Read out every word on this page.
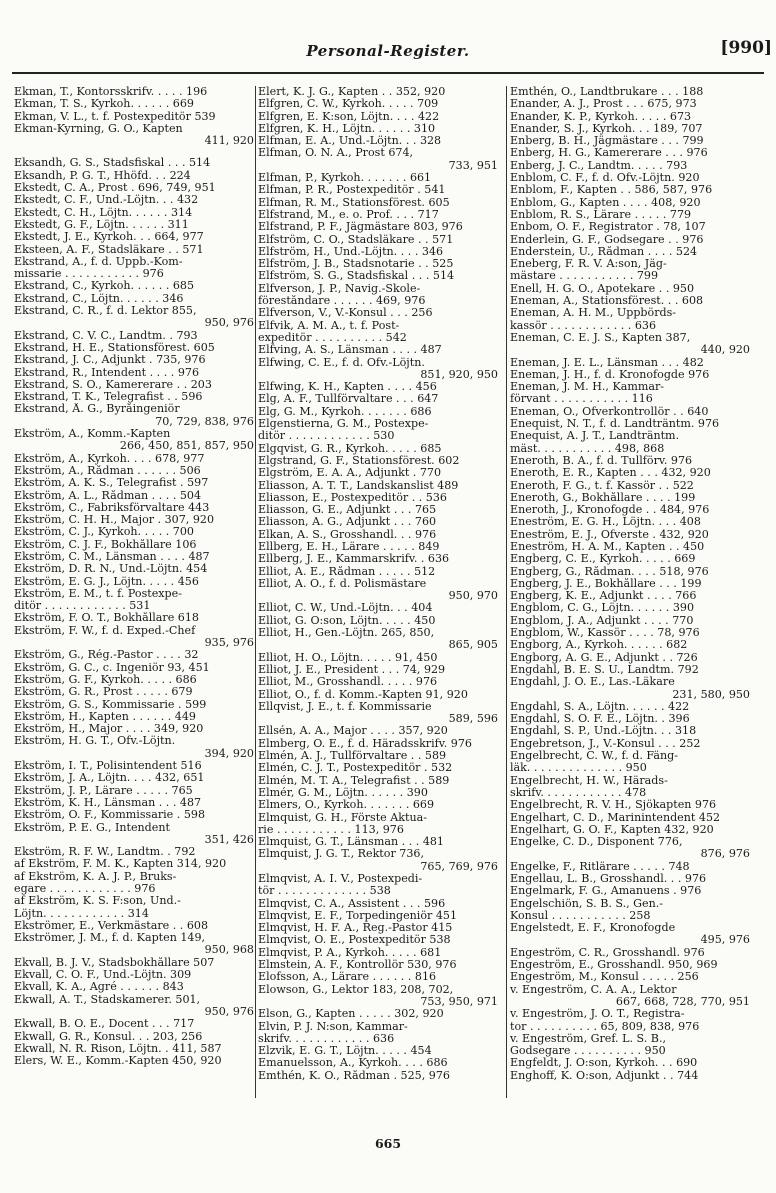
Personal-Register.	[990]
Ekman, T., Kontorsskrifv. . . . . 196
Ekman, T. S., Kyrkoh. . . . . . 669
Ekman, V. L., t. f. Postexpeditör 539
Ekman-Kyrning, G. O., Kapten
411, 920
Eksandh, G. S., Stadsfiskal . . . 514
Eksandh, P. G. T., Hhöfd. . . 224
Ekstedt, C. A., Prost . 696, 749, 951
Ekstedt, C. F., Und.-Löjtn. . . 432
Ekstedt, C. H., Löjtn. . . . . . 314
Ekstedt, G. F., Löjtn. . . . . . 311
Ekstedt, J. E., Kyrkoh. . . 664, 977
Eksteen, A. F., Stadsläkare . . 571
Ekstrand, A., f. d. Uppb.-Kom-
missarie . . . . . . . . . . . 976
Ekstrand, C., Kyrkoh. . . . . . 685
Ekstrand, C., Löjtn. . . . . . 346
Ekstrand, C. R., f. d. Lektor 855,
950, 976
Ekstrand, C. V. C., Landtm. . 793
Ekstrand, H. E., Stationsförest. 605
Ekstrand, J. C., Adjunkt . 735, 976
Ekstrand, R., Intendent . . . . 976
Ekstrand, S. O., Kamererare . . 203
Ekstrand, T. K., Telegrafist . . 596
Ekstrand, Å. G., Byråingeniör
70, 729, 838, 976
Ekström, A., Komm.-Kapten
266, 450, 851, 857, 950
Ekström, A., Kyrkoh. . . . 678, 977
Ekström, A., Rådman . . . . . . 506
Ekström, A. K. S., Telegrafist . 597
Ekström, A. L., Rådman . . . . 504
Ekström, C., Fabriksförvaltare 443
Ekström, C. H. H., Major . 307, 920
Ekström, C. J., Kyrkoh. . . . . 700
Ekström, C. J. F., Bokhållare 106
Ekström, C. M., Länsman . . . . 487
Ekström, D. R. N., Und.-Löjtn. 454
Ekström, E. G. J., Löjtn. . . . . 456
Ekström, E. M., t. f. Postexpe-
ditör . . . . . . . . . . . . 531
Ekström, F. O. T., Bokhållare 618
Ekström, F. W., f. d. Exped.-Chef
935, 976
Ekström, G., Rég.-Pastor . . . . 32
Ekström, G. C., c. Ingeniör 93, 451
Ekström, G. F., Kyrkoh. . . . . 686
Ekström, G. R., Prost . . . . . 679
Ekström, G. S., Kommissarie . 599
Ekström, H., Kapten . . . . . . 449
Ekström, H., Major . . . . 349, 920
Ekström, H. G. T., Öfv.-Löjtn.
394, 920
Ekström, I. T., Polisintendent 516
Ekström, J. A., Löjtn. . . . 432, 651
Ekström, J. P., Lärare . . . . . 765
Ekström, K. H., Länsman . . . 487
Ekström, O. F., Kommissarie . 598
Ekström, P. E. G., Intendent
351, 426
Ekström, R. F. W., Landtm. . 792
af Ekström, F. M. K., Kapten 314, 920
af Ekström, K. A. J. P., Bruks-
egare . . . . . . . . . . . . 976
af Ekström, K. S. F:son, Und.-
Löjtn. . . . . . . . . . . . 314
Ekströmer, E., Verkmästare . . 608
Ekströmer, J. M., f. d. Kapten 149,
950, 968
Ekvall, B. J. V., Stadsbokhållare 507
Ekvall, C. O. F., Und.-Löjtn. 309
Ekvall, K. A., Agré . . . . . . 843
Ekwall, A. T., Stadskamerer. 501,
950, 976
Ekwall, B. O. E., Docent . . . 717
Ekwall, G. R., Konsul. . . 203, 256
Ekwall, N. R. Rison, Löjtn. . 411, 587
Elers, W. E., Komm.-Kapten 450, 920
Elert, K. J. G., Kapten . . 352, 920
Elfgren, C. W., Kyrkoh. . . . . 709
Elfgren, E. K:son, Löjtn. . . . 422
Elfgren, K. H., Löjtn. . . . . . 310
Elfman, E. A., Und.-Löjtn. . . 328
Elfman, O. N. A., Prost 674,
733, 951
Elfman, P., Kyrkoh. . . . . . . 661
Elfman, P. R., Postexpeditör . 541
Elfman, R. M., Stationsförest. 605
Elfstrand, M., e. o. Prof. . . . 717
Elfstrand, P. F., Jägmästare 803, 976
Elfström, C. O., Stadsläkare . . 571
Elfström, H., Und.-Löjtn. . . . 346
Elfström, J. B., Stadsnotarie . . 525
Elfström, S. G., Stadsfiskal . . . 514
Elfverson, J. P., Navig.-Skole-
föreståndare . . . . . . 469, 976
Elfverson, V., V.-Konsul . . . 256
Elfvik, A. M. A., t. f. Post-
expeditör . . . . . . . . . . 542
Elfving, A. S., Länsman . . . . 487
Elfwing, C. E., f. d. Öfv.-Löjtn.
851, 920, 950
Elfwing, K. H., Kapten . . . . 456
Elg, A. F., Tullförvaltare . . . 647
Elg, G. M., Kyrkoh. . . . . . . 686
Elgenstierna, G. M., Postexpe-
ditör . . . . . . . . . . . . 530
Elgqvist, G. R., Kyrkoh. . . . . 685
Elgstrand, G. F., Stationsförest. 602
Elgström, E. A. A., Adjunkt . 770
Eliasson, A. T. T., Landskanslist 489
Eliasson, E., Postexpeditör . . 536
Eliasson, G. E., Adjunkt . . . 765
Eliasson, A. G., Adjunkt . . . 760
Elkan, A. S., Grosshandl. . . 976
Ellberg, E. H., Lärare . . . . . 849
Ellberg, J. E., Kammarskrifv. . 636
Elliot, A. E., Rådman . . . . . 512
Elliot, A. O., f. d. Polismästare
950, 970
Elliot, C. W., Und.-Löjtn. . . 404
Elliot, G. O:son, Löjtn. . . . . 450
Elliot, H., Gen.-Löjtn. 265, 850,
865, 905
Elliot, H. O., Löjtn. . . . . 91, 450
Elliot, J. E., President . . . 74, 929
Elliot, M., Grosshandl. . . . . 976
Elliot, O., f. d. Komm.-Kapten 91, 920
Ellqvist, J. E., t. f. Kommissarie
589, 596
Ellsén, A. A., Major . . . . 357, 920
Elmberg, O. E., f. d. Häradsskrifv. 976
Elmén, A. J., Tullförvaltare . . 589
Elmén, C. J. T., Postexpeditör . 532
Elmén, M. T. A., Telegrafist . . 589
Elmér, G. M., Löjtn. . . . . . 390
Elmers, O., Kyrkoh. . . . . . . 669
Elmquist, G. H., Förste Aktua-
rie . . . . . . . . . . . 113, 976
Elmquist, G. T., Länsman . . . 481
Elmquist, J. G. T., Rektor 736,
765, 769, 976
Elmqvist, A. I. V., Postexpedi-
tör . . . . . . . . . . . . . 538
Elmqvist, C. A., Assistent . . . 596
Elmqvist, E. F., Torpedingeniör 451
Elmqvist, H. F. A., Reg.-Pastor 415
Elmqvist, O. E., Postexpeditör 538
Elmqvist, P. A., Kyrkoh. . . . . 681
Elmstein, A. F., Kontrollör 530, 976
Elofsson, A., Lärare . . . . . . 816
Elowson, G., Lektor 183, 208, 702,
753, 950, 971
Elson, G., Kapten . . . . . 302, 920
Elvin, P. J. N:son, Kammar-
skrifv. . . . . . . . . . . . 636
Elzvik, E. G. T., Löjtn. . . . . 454
Emanuelsson, A., Kyrkoh. . . . 686
Emthén, K. O., Rådman . 525, 976
Emthén, O., Landtbrukare . . . 188
Enander, A. J., Prost . . . 675, 973
Enander, K. P., Kyrkoh. . . . . 673
Enander, S. J., Kyrkoh. . . 189, 707
Enberg, B. H., Jägmästare . . . 799
Enberg, H. G., Kamererare . . . 976
Enberg, J. C., Landtm. . . . . 793
Enblom, C. F., f. d. Öfv.-Löjtn. 920
Enblom, F., Kapten . . 586, 587, 976
Enblom, G., Kapten . . . . 408, 920
Enblom, R. S., Lärare . . . . . 779
Enbom, O. F., Registrator . 78, 107
Enderlein, G. F., Godsegare . . 976
Enderstein, U., Rådman . . . . 524
Eneberg, F. R. V. A:son, Jäg-
mästare . . . . . . . . . . . 799
Enell, H. G. O., Apotekare . . 950
Eneman, A., Stationsförest. . . 608
Eneman, A. H. M., Uppbörds-
kassör . . . . . . . . . . . . 636
Eneman, C. E. J. S., Kapten 387,
440, 920
Eneman, J. E. L., Länsman . . . 482
Eneman, J. H., f. d. Kronofogde 976
Eneman, J. M. H., Kammar-
förvant . . . . . . . . . . . 116
Eneman, O., Öfverkontrollör . . 640
Enequist, N. T., f. d. Landträntm. 976
Enequist, A. J. T., Landträntm.
mäst. . . . . . . . . . . 498, 868
Eneroth, B. A., f. d. Tullförv. 976
Eneroth, E. R., Kapten . . . 432, 920
Eneroth, F. G., t. f. Kassör . . 522
Eneroth, G., Bokhållare . . . . 199
Eneroth, J., Kronofogde . . 484, 976
Eneström, E. G. H., Löjtn. . . . 408
Eneström, E. J., Öfverste . 432, 920
Eneström, H. A. M., Kapten . . 450
Engberg, C. E., Kyrkoh. . . . . 669
Engberg, G., Rådman. . . . 518, 976
Engberg, J. E., Bokhållare . . . 199
Engberg, K. E., Adjunkt . . . . 766
Engblom, C. G., Löjtn. . . . . . 390
Engblom, J. A., Adjunkt . . . . 770
Engblom, W., Kassör . . . . 78, 976
Engborg, A., Kyrkoh. . . . . . 682
Engborg, A. G. E., Adjunkt . . 726
Engdahl, B. E. S. U., Landtm. 792
Engdahl, J. O. E., Las.-Läkare
231, 580, 950
Engdahl, S. A., Löjtn. . . . . . 422
Engdahl, S. O. F. E., Löjtn. . 396
Engdahl, S. P., Und.-Löjtn. . . 318
Engebretson, J., V.-Konsul . . . 252
Engelbrecht, C. W., f. d. Fäng-
läk. . . . . . . . . . . . . . 950
Engelbrecht, H. W., Härads-
skrifv. . . . . . . . . . . . 478
Engelbrecht, R. V. H., Sjökapten 976
Engelhart, C. D., Marinintendent 452
Engelhart, G. O. F., Kapten 432, 920
Engelke, C. D., Disponent 776,
876, 976
Engelke, F., Ritlärare . . . . . 748
Engellau, L. B., Grosshandl. . . 976
Engelmark, F. G., Amanuens . 976
Engelschiön, S. B. S., Gen.-
Konsul . . . . . . . . . . . 258
Engelstedt, E. F., Kronofogde
495, 976
Engeström, C. R., Grosshandl. 976
Engeström, E., Grosshandl. 950, 969
Engeström, M., Konsul . . . . . 256
v. Engeström, C. A. A., Lektor
667, 668, 728, 770, 951
v. Engeström, J. O. T., Registra-
tor . . . . . . . . . . 65, 809, 838, 976
v. Engeström, Gref. L. S. B.,
Godsegare . . . . . . . . . . 950
Engfeldt, J. O:son, Kyrkoh. . . 690
Enghoff, K. O:son, Adjunkt . . 744
665
